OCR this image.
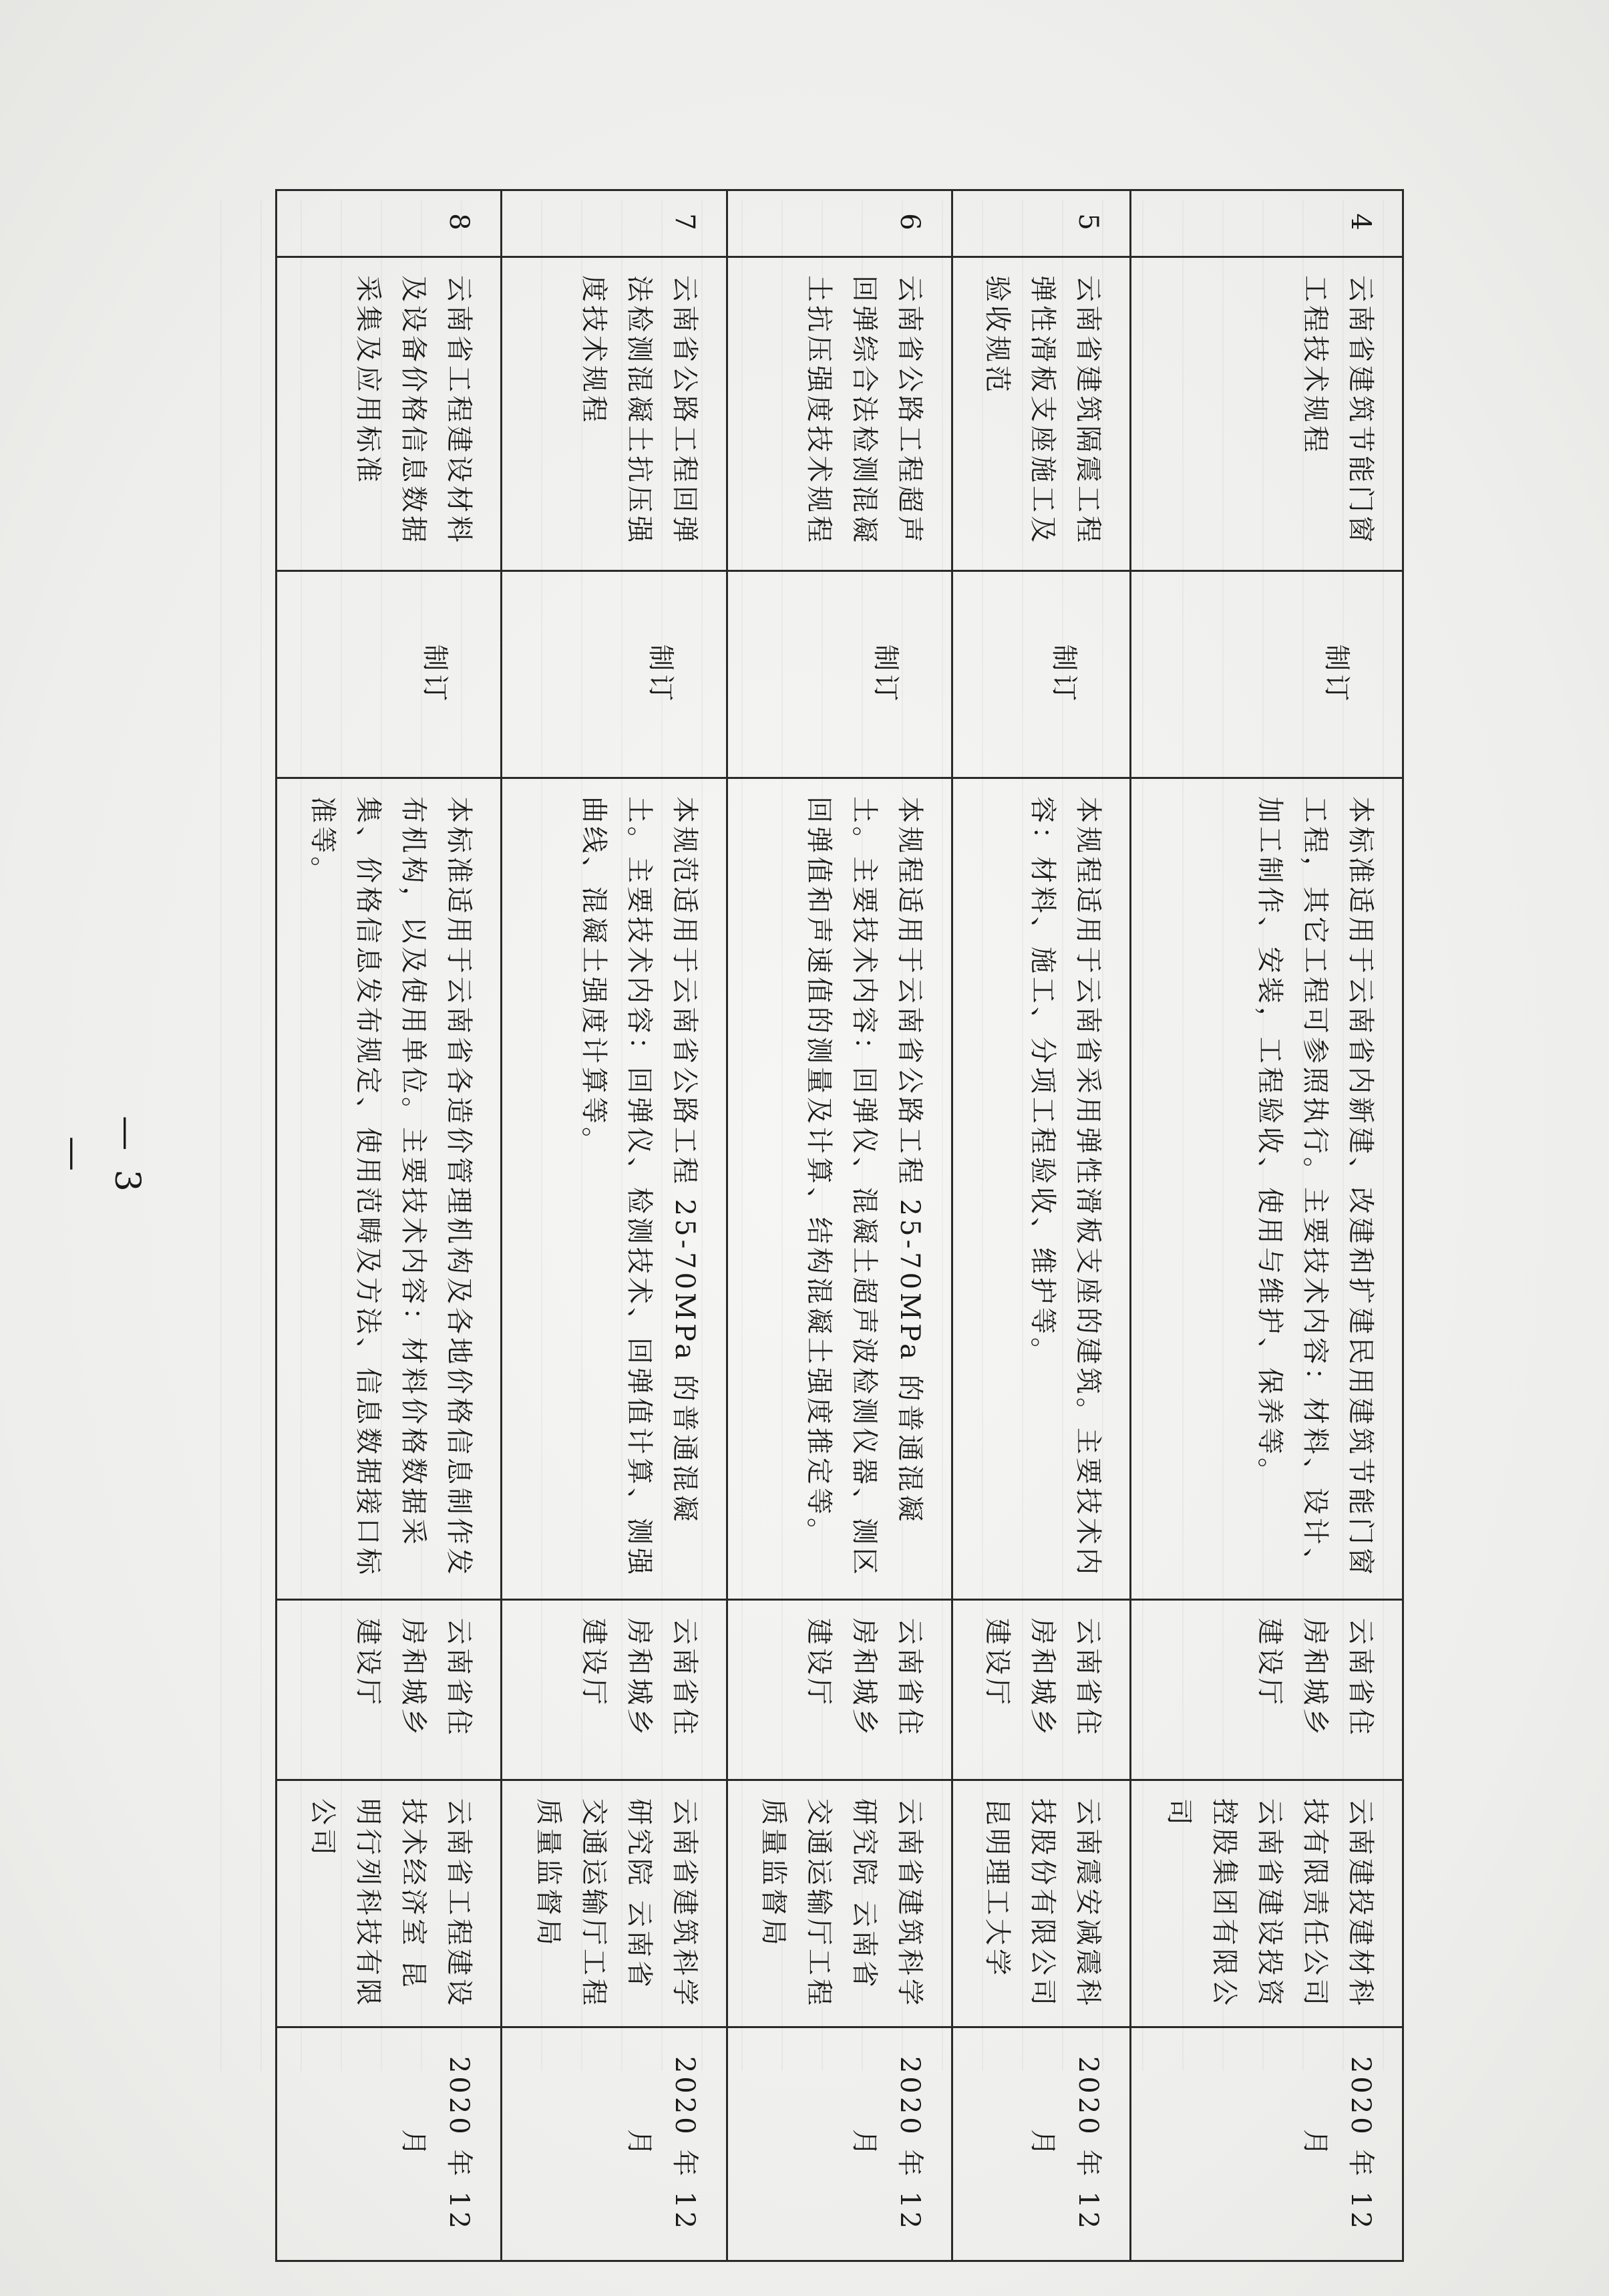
4	云南省建筑节能门窗工程技术规程	制订	本标准适用于云南省内新建、改建和扩建民用建筑节能门窗工程，其它工程可参照执行。主要技术内容：材料、设计、加工制作、安装，工程验收、使用与维护、保养等。	云南省住房和城乡建设厅	云南建投建材科技有限责任公司 云南省建设投资控股集团有限公司	2020 年 12 月
5	云南省建筑隔震工程弹性滑板支座施工及验收规范	制订	本规程适用于云南省采用弹性滑板支座的建筑。主要技术内容：材料、施工、分项工程验收、维护等。	云南省住房和城乡建设厅	云南震安减震科技股份有限公司 昆明理工大学	2020 年 12 月
6	云南省公路工程超声回弹综合法检测混凝土抗压强度技术规程	制订	本规程适用于云南省公路工程 25-70MPa 的普通混凝土。主要技术内容：回弹仪、混凝土超声波检测仪器、测区回弹值和声速值的测量及计算、结构混凝土强度推定等。	云南省住房和城乡建设厅	云南省建筑科学研究院 云南省交通运输厅工程质量监督局	2020 年 12 月
7	云南省公路工程回弹法检测混凝土抗压强度技术规程	制订	本规范适用于云南省公路工程 25-70MPa 的普通混凝土。主要技术内容：回弹仪、检测技术、回弹值计算、测强曲线、混凝土强度计算等。	云南省住房和城乡建设厅	云南省建筑科学研究院 云南省交通运输厅工程质量监督局	2020 年 12 月
8	云南省工程建设材料及设备价格信息数据采集及应用标准	制订	本标准适用于云南省各造价管理机构及各地价格信息制作发布机构，以及使用单位。主要技术内容：材料价格数据采集、价格信息发布规定、使用范畴及方法、信息数据接口标准等。	云南省住房和城乡建设厅	云南省工程建设技术经济室 昆明行列科技有限公司	2020 年 12 月
— 3 —
